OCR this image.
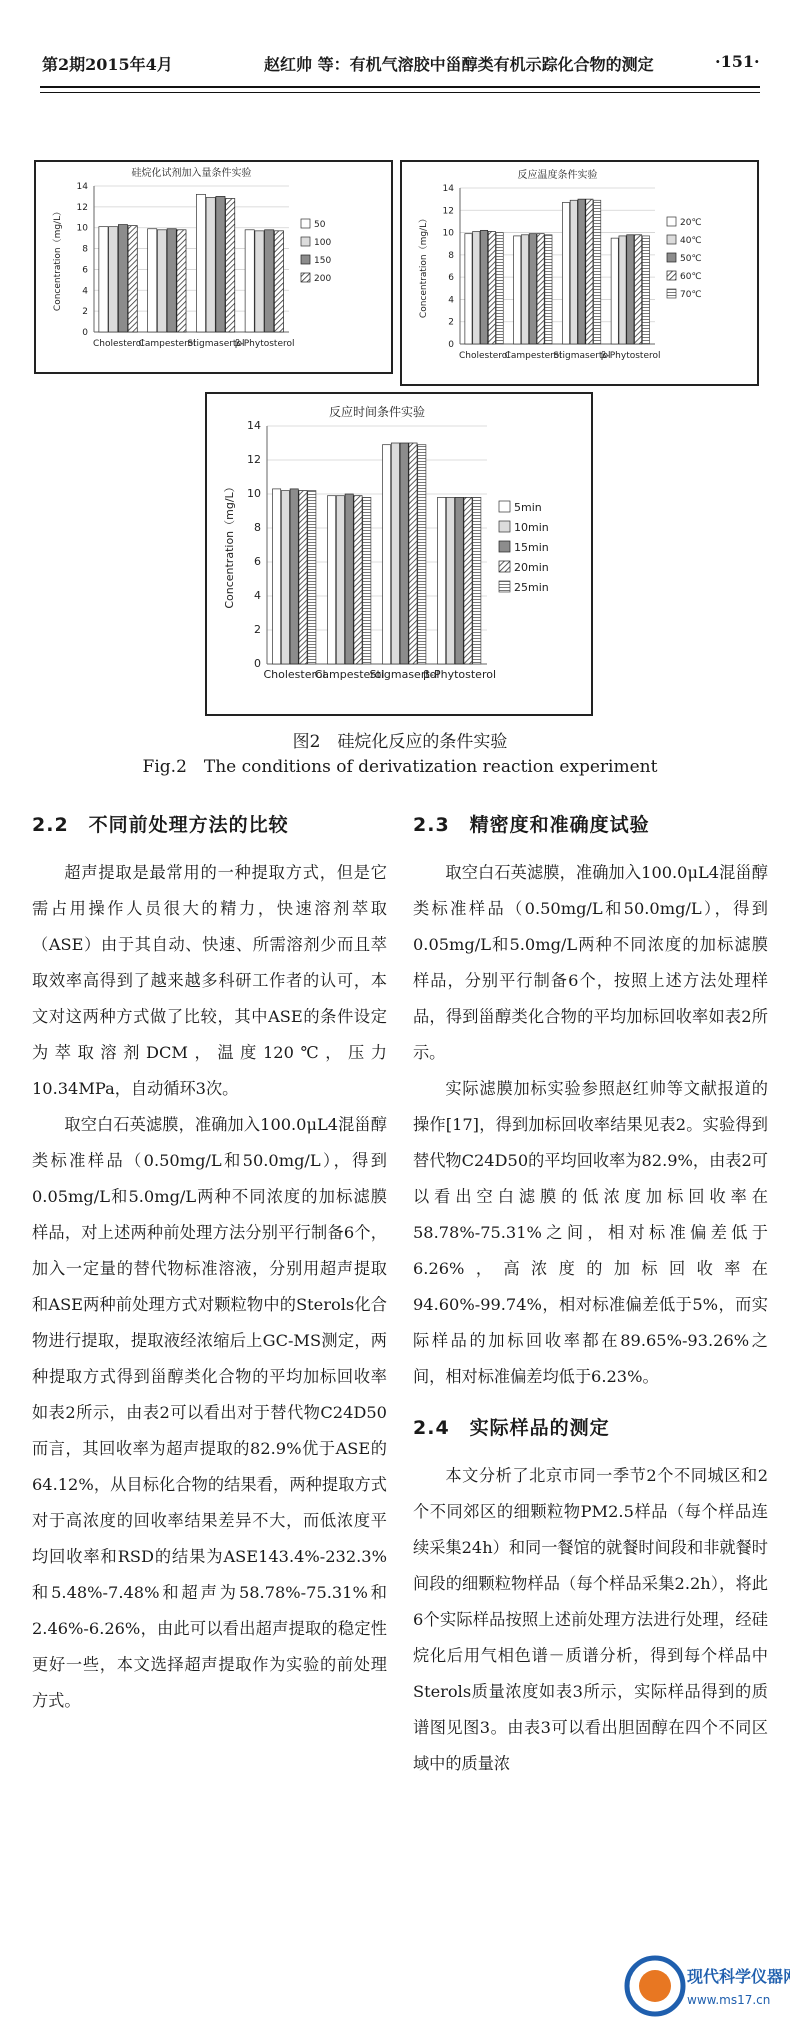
第2期2015年4月	赵红帅 等：有机气溶胶中甾醇类有机示踪化合物的测定	·151·
硅烷化试剂加入量条件实验
0
2
4
6
8
10
12
14
Concentration（mg/L）
Cholesterol
Campesterol
Stigmasertol
β-Phytosterol
50
100
150
200
反应温度条件实验
0
2
4
6
8
10
12
14
Concentration（mg/L）
Cholesterol
Campesterol
Stigmasertol
β-Phytosterol
20℃
40℃
50℃
60℃
70℃
反应时间条件实验
0
2
4
6
8
10
12
14
Concentration（mg/L）
Cholesterol
Campesterol
Stigmasertol
β-Phytosterol
5min
10min
15min
20min
25min
图2　硅烷化反应的条件实验
Fig.2　The conditions of derivatization reaction experiment
2.2　不同前处理方法的比较

超声提取是最常用的一种提取方式，但是它需占用操作人员很大的精力，快速溶剂萃取（ASE）由于其自动、快速、所需溶剂少而且萃取效率高得到了越来越多科研工作者的认可，本文对这两种方式做了比较，其中ASE的条件设定为萃取溶剂DCM，温度120℃，压力10.34MPa，自动循环3次。

取空白石英滤膜，准确加入100.0μL4混甾醇类标准样品（0.50mg/L和50.0mg/L），得到0.05mg/L和5.0mg/L两种不同浓度的加标滤膜样品，对上述两种前处理方法分别平行制备6个，加入一定量的替代物标准溶液，分别用超声提取和ASE两种前处理方式对颗粒物中的Sterols化合物进行提取，提取液经浓缩后上GC-MS测定，两种提取方式得到甾醇类化合物的平均加标回收率如表2所示，由表2可以看出对于替代物C24D50而言，其回收率为超声提取的82.9%优于ASE的64.12%，从目标化合物的结果看，两种提取方式对于高浓度的回收率结果差异不大，而低浓度平均回收率和RSD的结果为ASE143.4%-232.3%和5.48%-7.48%和超声为58.78%-75.31%和2.46%-6.26%，由此可以看出超声提取的稳定性更好一些，本文选择超声提取作为实验的前处理方式。

2.3　精密度和准确度试验

取空白石英滤膜，准确加入100.0μL4混甾醇类标准样品（0.50mg/L和50.0mg/L），得到0.05mg/L和5.0mg/L两种不同浓度的加标滤膜样品，分别平行制备6个，按照上述方法处理样品，得到甾醇类化合物的平均加标回收率如表2所示。

实际滤膜加标实验参照赵红帅等文献报道的操作[17]，得到加标回收率结果见表2。实验得到替代物C24D50的平均回收率为82.9%，由表2可以看出空白滤膜的低浓度加标回收率在58.78%-75.31%之间，相对标准偏差低于6.26%，高浓度的加标回收率在94.60%-99.74%，相对标准偏差低于5%，而实际样品的加标回收率都在89.65%-93.26%之间，相对标准偏差均低于6.23%。

2.4　实际样品的测定

本文分析了北京市同一季节2个不同城区和2个不同郊区的细颗粒物PM2.5样品（每个样品连续采集24h）和同一餐馆的就餐时间段和非就餐时间段的细颗粒物样品（每个样品采集2.2h），将此6个实际样品按照上述前处理方法进行处理，经硅烷化后用气相色谱－质谱分析，得到每个样品中Sterols质量浓度如表3所示，实际样品得到的质谱图见图3。由表3可以看出胆固醇在四个不同区域中的质量浓

现代科学仪器网
www.ms17.cn
